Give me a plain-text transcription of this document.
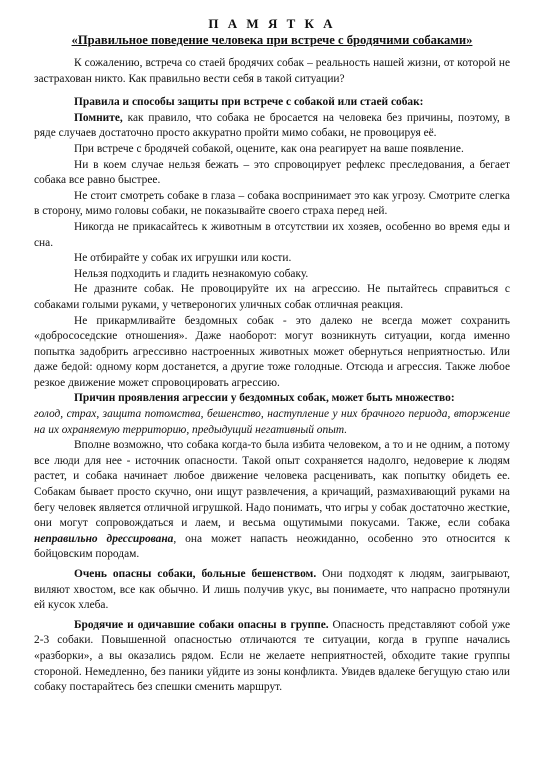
П А М Я Т К А
«Правильное поведение человека при встрече с бродячими собаками»

К сожалению, встреча со стаей бродячих собак – реальность нашей жизни, от которой не застрахован никто. Как правильно вести себя в такой ситуации?

Правила и способы защиты при встрече с собакой или стаей собак:

Помните, как правило, что собака не бросается на человека без причины, поэтому, в ряде случаев достаточно просто аккуратно пройти мимо собаки, не провоцируя её.

При встрече с бродячей собакой, оцените, как она реагирует на ваше появление.

Ни в коем случае нельзя бежать – это спровоцирует рефлекс преследования, а бегает собака все равно быстрее.

Не стоит смотреть собаке в глаза – собака воспринимает это как угрозу. Смотрите слегка в сторону, мимо головы собаки, не показывайте своего страха перед ней.

Никогда не прикасайтесь к животным в отсутствии их хозяев, особенно во время еды и сна.

Не отбирайте у собак их игрушки или кости.

Нельзя подходить и гладить незнакомую собаку.

Не дразните собак. Не провоцируйте их на агрессию. Не пытайтесь справиться с собаками голыми руками, у четвероногих уличных собак отличная реакция.

Не прикармливайте бездомных собак - это далеко не всегда может сохранить «добрососедские отношения». Даже наоборот: могут возникнуть ситуации, когда именно попытка задобрить агрессивно настроенных животных может обернуться неприятностью. Или даже бедой: одному корм достанется, а другие тоже голодные. Отсюда и агрессия. Также любое резкое движение может спровоцировать агрессию.

Причин проявления агрессии у бездомных собак, может быть множество:

голод, страх, защита потомства, бешенство, наступление у них брачного периода, вторжение на их охраняемую территорию, предыдущий негативный опыт.

Вполне возможно, что собака когда-то была избита человеком, а то и не одним, а потому все люди для нее - источник опасности. Такой опыт сохраняется надолго, недоверие к людям растет, и собака начинает любое движение человека расценивать, как попытку обидеть ее. Собакам бывает просто скучно, они ищут развлечения, а кричащий, размахивающий руками на бегу человек является отличной игрушкой. Надо понимать, что игры у собак достаточно жесткие, они могут сопровождаться и лаем, и весьма ощутимыми покусами. Также, если собака неправильно дрессирована, она может напасть неожиданно, особенно это относится к бойцовским породам.

Очень опасны собаки, больные бешенством. Они подходят к людям, заигрывают, виляют хвостом, все как обычно. И лишь получив укус, вы понимаете, что напрасно протянули ей кусок хлеба.

Бродячие и одичавшие собаки опасны в группе. Опасность представляют собой уже 2-3 собаки. Повышенной опасностью отличаются те ситуации, когда в группе начались «разборки», а вы оказались рядом. Если не желаете неприятностей, обходите такие группы стороной. Немедленно, без паники уйдите из зоны конфликта. Увидев вдалеке бегущую стаю или собаку постарайтесь без спешки сменить маршрут.
